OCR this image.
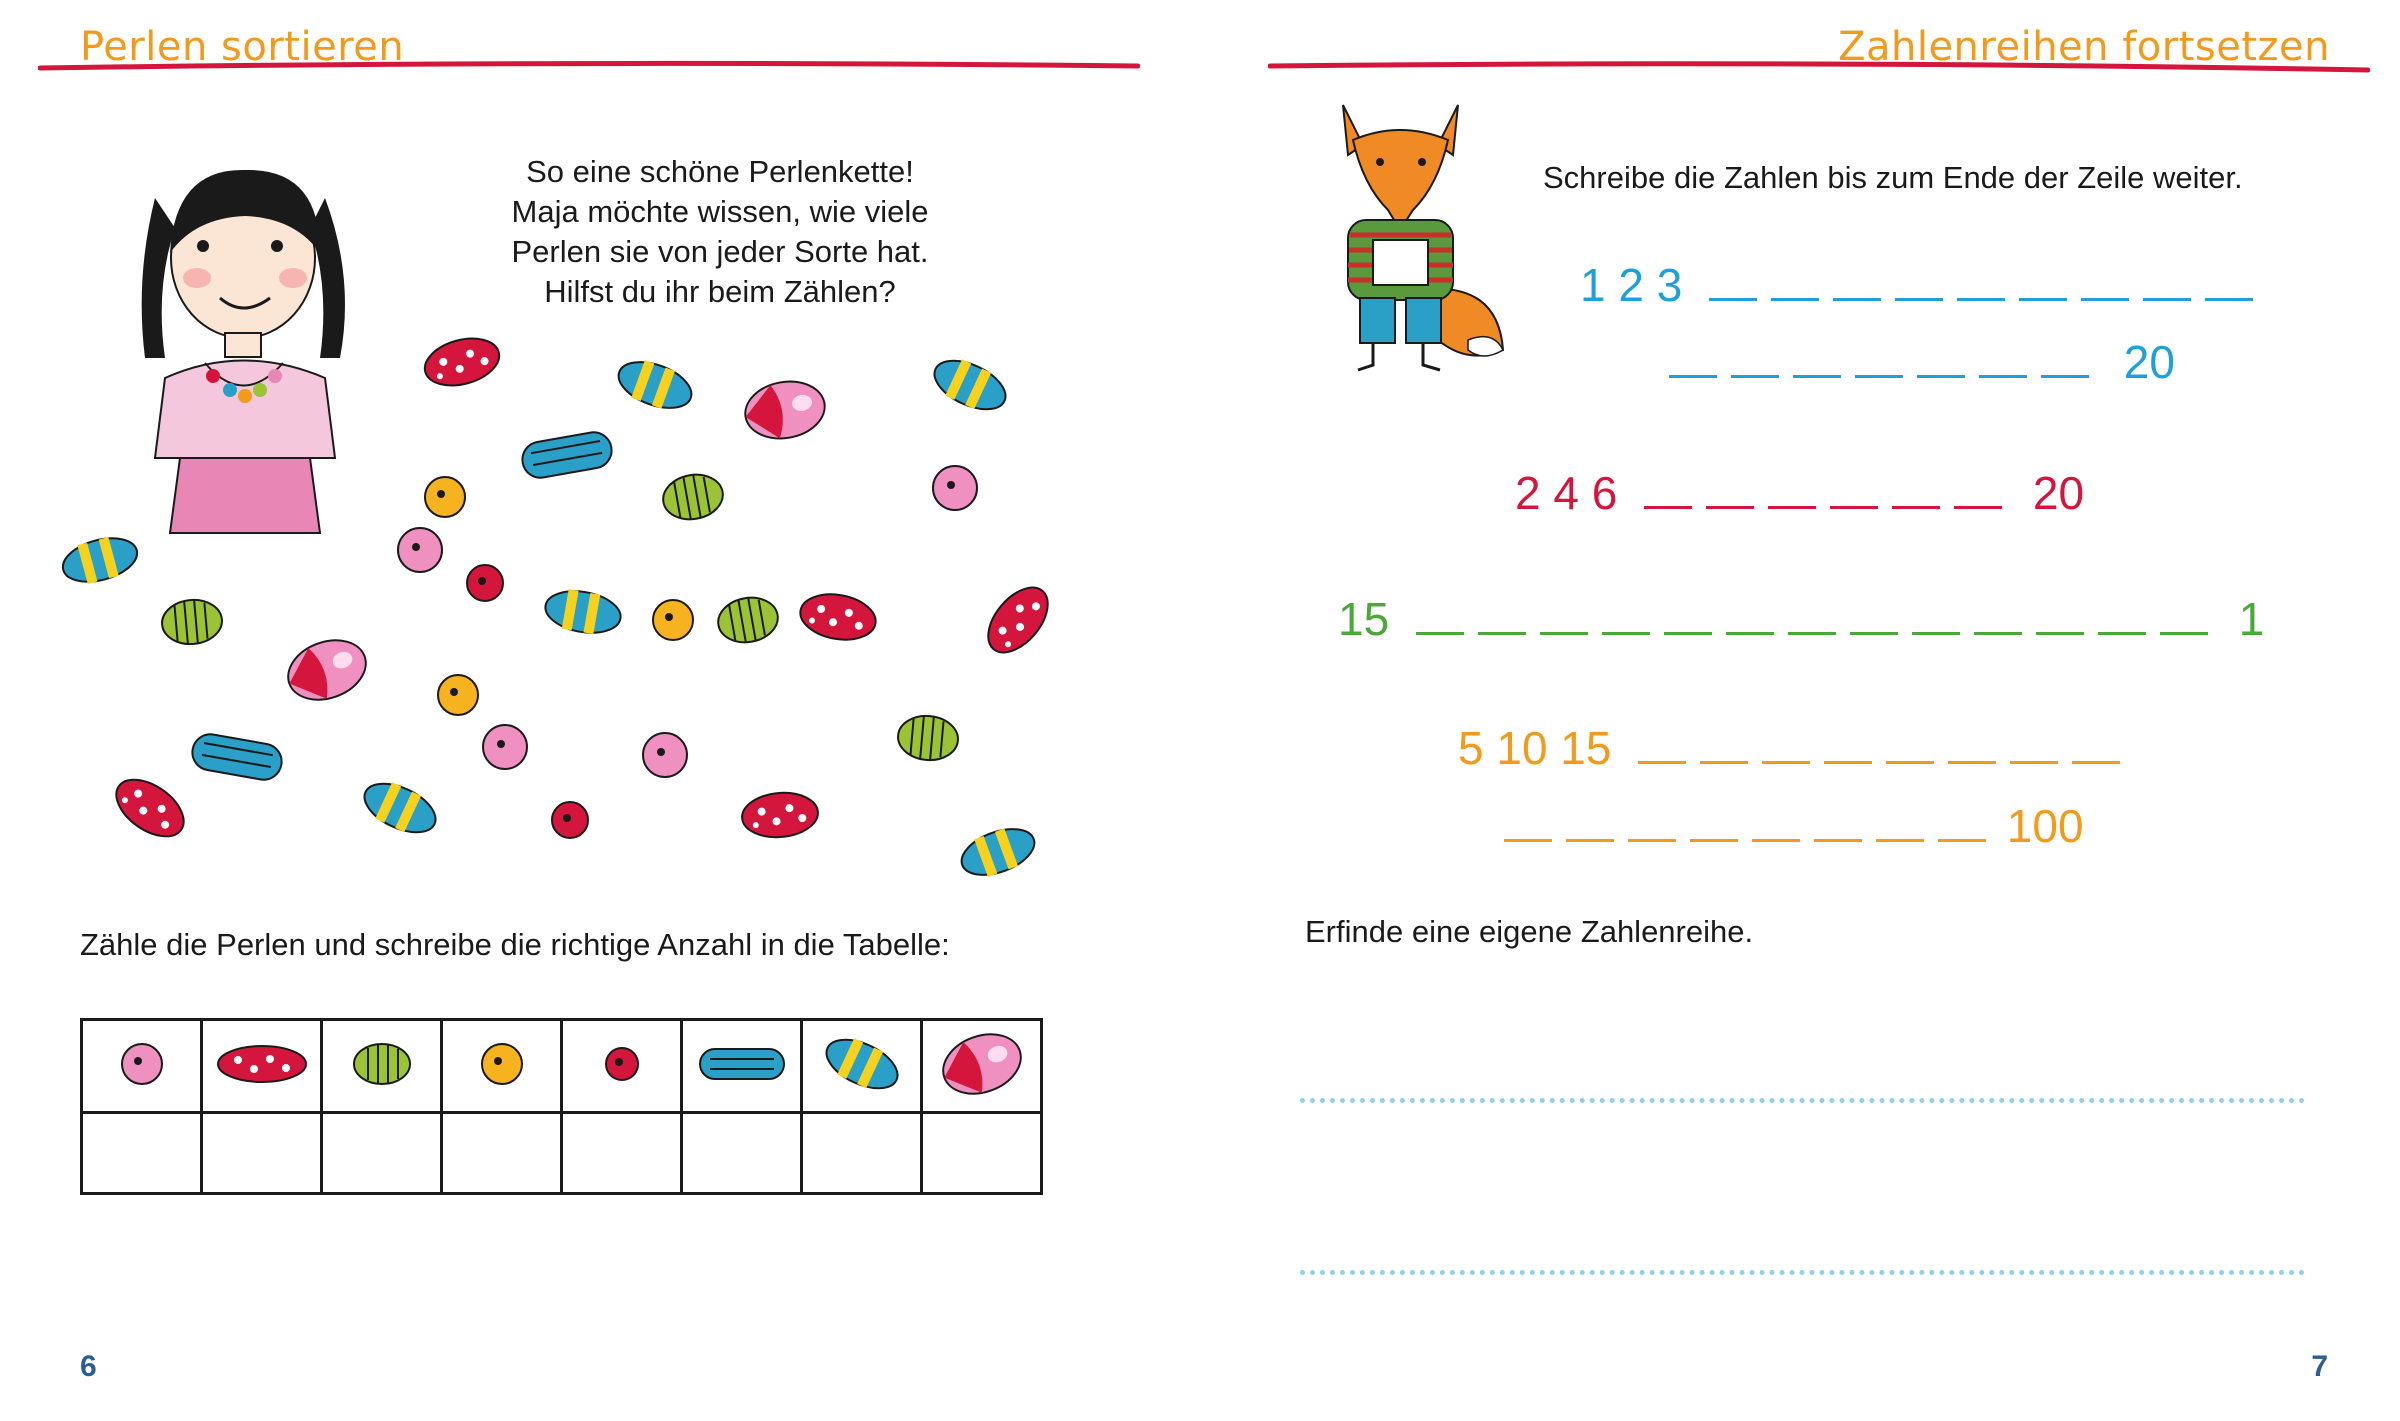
Perlen sortieren
So eine schöne Perlenkette!
Maja möchte wissen, wie viele
Perlen sie von jeder Sorte hat.
Hilfst du ihr beim Zählen?
Zähle die Perlen und schreibe die richtige Anzahl in die Tabelle:

6
Zahlenreihen fortsetzen
Schreibe die Zahlen bis zum Ende der Zeile weiter.
1 2 3
20
2 4 6	20
15	1
5 10 15
100
Erfinde eine eigene Zahlenreihe.
7
